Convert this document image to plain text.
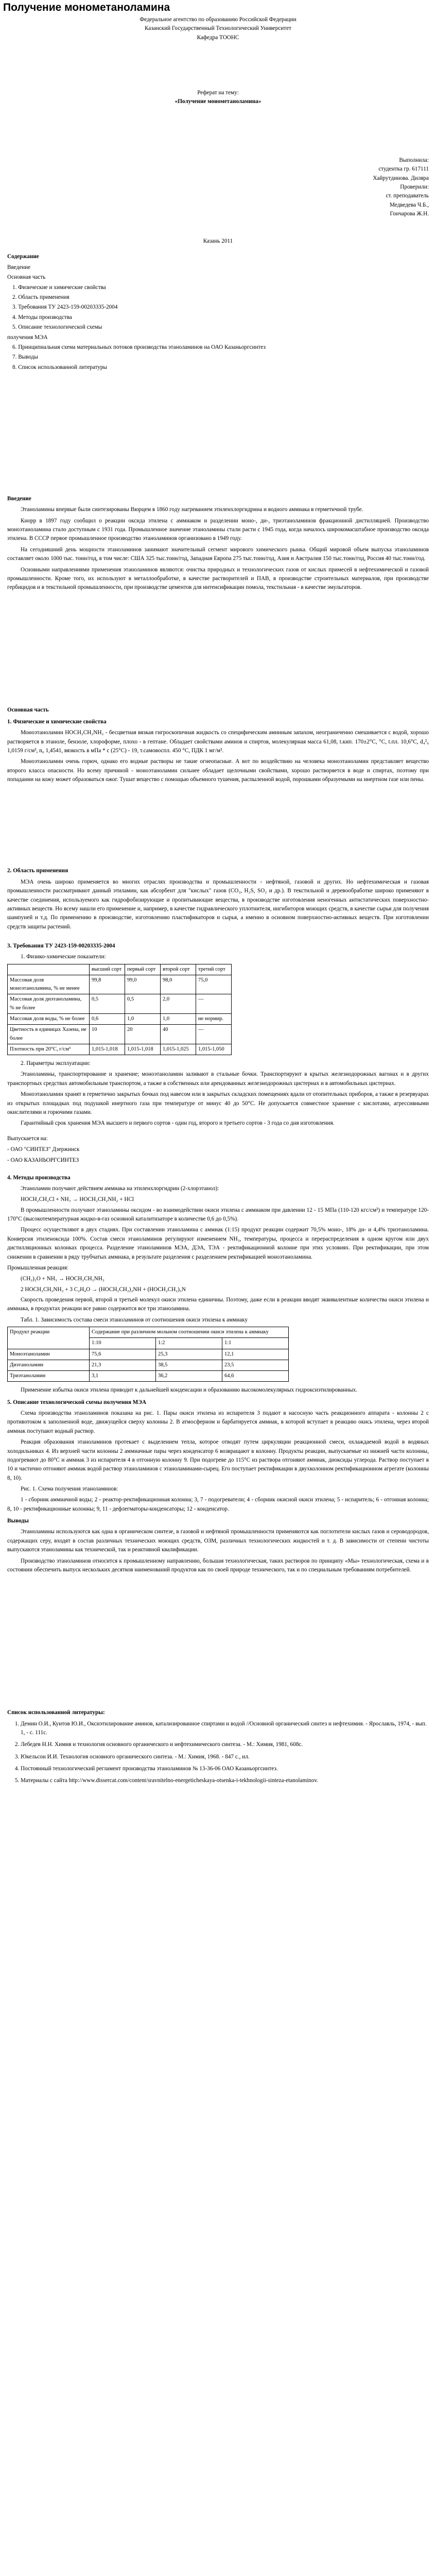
Получение монометаноламина
Федеральное агентство по образованию Российской Федерации
Казанский Государственный Технологический Университет
Кафедра ТООНС
Реферат на тему:
«Получение монометаноламина»
Выполнила:
студентка гр. 617111
Хайрутдинова. Диляра
Проверили:
ст. преподаватель
Медведева Ч.Б.,
Гончарова Ж.Н.
Казань 2011
Содержание
Введение
Основная часть
1. Физические и химические свойства
2. Область применения
3. Требования ТУ 2423-159-00203335-2004
4. Методы производства
5. Описание технологической схемы
получения МЭА
6. Принципиальная схема материальных потоков производства этаноламинов на ОАО Казаньоргсинтез
7. Выводы
8. Список использованной литературы
Введение

Этаноламины впервые были синтезированы Вюрцем в 1860 году нагреванием этиленхлоргидрина и водного аммиака в герметичной трубе.

Кнорр в 1897 году сообщил о реакции оксида этилена с аммиаком и разделении моно-, ди-, триэтаноламинов фракционной дистилляцией. Производство моноэтаноламина стало доступным с 1931 года. Промышленное значение этаноламины стали расти с 1945 года, когда началось широкомасштабное производство оксида этилена. В СССР первое промышленное производство этаноламинов организовано в 1949 году.

На сегодняшний день мощности этаноламинов занимают значительный сегмент мирового химического рынка. Общий мировой объем выпуска этаноламинов составляет около 1000 тыс. тонн/год, в том числе: США 325 тыс.тонн/год, Западная Европа 275 тыс.тонн/год, Азия и Австралия 150 тыс.тонн/год, Россия 40 тыс.тонн/год.

Основными направлениями применения этаноламинов являются: очистка природных и технологических газов от кислых примесей в нефтехимической и газовой промышленности. Кроме того, их используют в металлообработке, в качестве растворителей и ПАВ, в производстве строительных материалов, при производстве гербицидов и в текстильной промышленности, при производстве цементов для интенсификации помола, текстильная - в качестве эмульгаторов.

Основная часть
1. Физические и химические свойства

Моноэтаноламин HOCH₂CH₂NH₂ - бесцветная вязкая гигроскопичная жидкость со специфическим аминным запахом, неограниченно смешивается с водой, хорошо растворяется в этаноле, бензоле, хлороформе, плохо - в гептане. Обладает свойствами аминов и спиртов, молекулярная масса 61,08, t.кип. 170±2°C, °C, t.пл. 10,6°С, d₄²₀ 1,0159 г/см³, n₀ 1,4541, вязкость в мПа * с (25°С) - 19, т.самовоспл. 450 °C, ПДК 1 мг/м³.

Моноэтаноламин очень горюч, однако его водные растворы не такие огнеопасные. А вот по воздействию на человека моноэтаноламин представляет вещество второго класса опасности. Но всему причиной - моноэтаноламин сильнее обладает щелочными свойствами, хорошо растворяется в воде и спиртах, поэтому при попадании на кожу может образоваться ожог. Тушат вещество с помощью объемного тушения, распыленной водой, порошками образуемыми на инертном газе или пены.

2. Область применения

МЭА очень широко применяется во многих отраслях производства и промышленности - нефтяной, газовой и других. Но нефтехимическая и газовая промышленности рассматривают данный этиламин, как абсорбент для "кислых" газов (CO₂, H₂S, SO₂ и др.). В текстильной и деревообработке широко применяют в качестве соединения, используемого как гидрофобизирующие и пропитывающие вещества, в производстве изготовления неногенных антистатических поверхностно-активных веществ. Но всему нашли его применение и, например, в качестве гидравлического уплотнителя, ингибиторов моющих средств, в качестве сырья для получения шампуней и т.д. По применению в производстве, изготовлению пластификаторов и сырья, а именно в основном поверхностно-активных веществ. При изготовлении средств защиты растений.

3. Требования ТУ 2423-159-00203335-2004

1. Физико-химические показатели:

	высший сорт	первый сорт	второй сорт	третий сорт
Массовая доля моноэтаноламина, % не менее	99,8	99,0	98,0	75,0
Массовая доля диэтаноламина, % не более	0,5	0,5	2,0	—
Массовая доля воды, % не более	0,6	1,0	1,0	не нормир.
Цветность в единицах Хазена, не более	10	20	40	—
Плотность при 20°С, г/см³	1,015-1,018	1,015-1,018	1,015-1,025	1,015-1,050

2. Параметры эксплуатации:

Этаноламины, транспортирование и хранение; моноэтаноламин заливают в стальные бочки. Транспортируют в крытых железнодорожных вагонах и в других транспортных средствах автомобильным транспортом, а также в собственных или арендованных железнодорожных цистернах и в автомобильных цистернах.

Моноэтаноламин хранят в герметично закрытых бочках под навесом или в закрытых складских помещениях вдали от отопительных приборов, а также в резервуарах из открытых площадках под подушкой инертного газа при температуре от минус 40 до 50°С. Не допускается совместное хранение с кислотами, агрессивными окислителями и горючими газами.

Гарантийный срок хранения МЭА высшего и первого сортов - один год, второго и третьего сортов - 3 года со дня изготовления.

Выпускается на:

- ОАО "СИНТЕЗ" Дзержинск

- ОАО КАЗАНЬОРГСИНТЕЗ

4. Методы производства

Этаноламин получают действием аммиака на этиленхлоргидрин (2-хлорэтанол):

HOCH₂CH₂Cl + NH₃ → HOCH₂CH₂NH₂ + HCl

В промышленности получают этаноламины оксидом - во взаимодействии окиси этилена с аммиаком при давлении 12 - 15 МПа (110-120 кгс/см²) и температуре 120-170°С (высокотемпературная жидко-в-газ основной каталитизаторе в количестве 0,6 до 0,5%).

Процесс осуществляют в двух стадиях. При составлении этаноламина с аммиак (1:15) продукт реакции содержит 70,5% моно-, 18% ди- и 4,4% триэтаноламина. Конверсия этиленоксида 100%. Состав смеси этаноламинов регулируют изменением NH₃, температуры, процесса и перераспределения в одном кругом или двух дистилляционных колонках процесса. Разделение этаноламинов МЭА, ДЭА, ТЭА - ректификационной колонне при этих условиях. При ректификации, при этом снижении в сравнении в ряду трубчатых аммиака, в результате разделения с разделением ректификацией моноэтаноламина.

Промышленная реакция:

(CH₂)₂O + NH₃ → HOCH₂CH₂NH₂
2 HOCH₂CH₂NH₂ + 3 C₂H₄O → (HOCH₂CH₂)₂NH + (HOCH₂CH₂)₃N

Скорость проведения первой, второй и третьей молекул окиси этилена единичны. Поэтому, даже если в реакции вводят эквивалентные количества окиси этилена и аммиака, в продуктах реакции все равно содержится все три этаноламина.

Табл. 1. Зависимость состава смеси этаноламинов от соотношения окиси этилена к аммиаку

Продукт реакции	Содержание при различном мольном соотношении окиси этилена к аммиаку		
	1:10	1:2	1:1
Моноэтаноламин	75,6	25,3	12,1
Диэтаноламин	21,3	38,5	23,5
Триэтаноламин	3,1	36,2	64,6

Применение избытка окиси этилена приводит к дальнейшей конденсации и образованию высокомолекулярных гидроксиэтилированных.

5. Описание технологической схемы получения МЭА

Схема производства этаноламинов показана на рис. 1. Пары окиси этилена из испарителя 3 подают в насосную часть реакционного аппарата - колонны 2 с противотоком к заполненной воде, движущейся сверху колонны 2. В атмосферном и барбатируется аммиак, в которой вступает в реакцию окись этилена, через второй аммиак поступают водный раствор.

Реакция образования этаноламинов протекает с выделением тепла, которое отводят путем циркуляции реакционной смеси, охлаждаемой водой в водяных холодильниках 4. Из верхней части колонны 2 аммиачные пары через конденсатор 6 возвращают в колонну. Продукты реакции, выпускаемые из нижней части колонны, подогревают до 80°С и аммиак 3 из испарителя 4 в отгонную колонну 9. При подогреве до 115°С из раствора отгоняют аммиак, диоксиды углерода. Раствор поступает в 10 и частично отгоняют аммиак водой раствор этаноламинов с этаноламинами-сырец. Его поступает ректификации в двухколонном ректификационном агрегате (колонны 8, 10).

Рис. 1. Схема получения этаноламинов:

1 - сборник аммиачной воды; 2 - реактор-ректификационная колонна; 3, 7 - подогреватели; 4 - сборник окисной окиси этилена; 5 - испаритель; 6 - отгонная колонна; 8, 10 - ректификационные колонны; 9, 11 - дефлегматоры-конденсаторы; 12 - конденсатор.

Выводы

Этаноламины используются как одна в органическом синтезе, в газовой и нефтяной промышленности применяются как поглотители кислых газов и сероводородов, содержащих серу, входят в состав различных технических моющих средств, ОЗМ, различных технологических жидкостей и т. д. В зависимости от степени чистоты выпускаются этаноламины как технической, так и реактивной квалификации.

Производство этаноламинов относится к промышленному направлению, большая технологическая, таких растворов по принципу «Мы» технологическая, схема и в состоянии обеспечить выпуск нескольких десятков наименований продуктов как по своей природе технического, так и по специальным требованиям потребителей.

Список использованной литературы:
1. Демин О.И., Кунтов Ю.И., Оксиэтилирование аминов, катализированное спиртами и водой //Основной органический синтез и нефтехимия. - Ярославль, 1974, - вып. 1, - с. 111с.
2. Лебедев Н.Н. Химия и технология основного органического и нефтехимического синтеза. - М.: Химия, 1981, 608с.
3. Юкельсон И.И. Технология основного органического синтеза. - М.: Химия, 1968. - 847 с., ил.
4. Постоянный технологический регламент производства этаноламинов № 13-36-06 ОАО Казаньоргсинтез.
5. Материалы с сайта http://www.dissercat.com/content/sravnitelno-energeticheskaya-otsenka-i-tekhnologii-sinteza-etanolaminov.
